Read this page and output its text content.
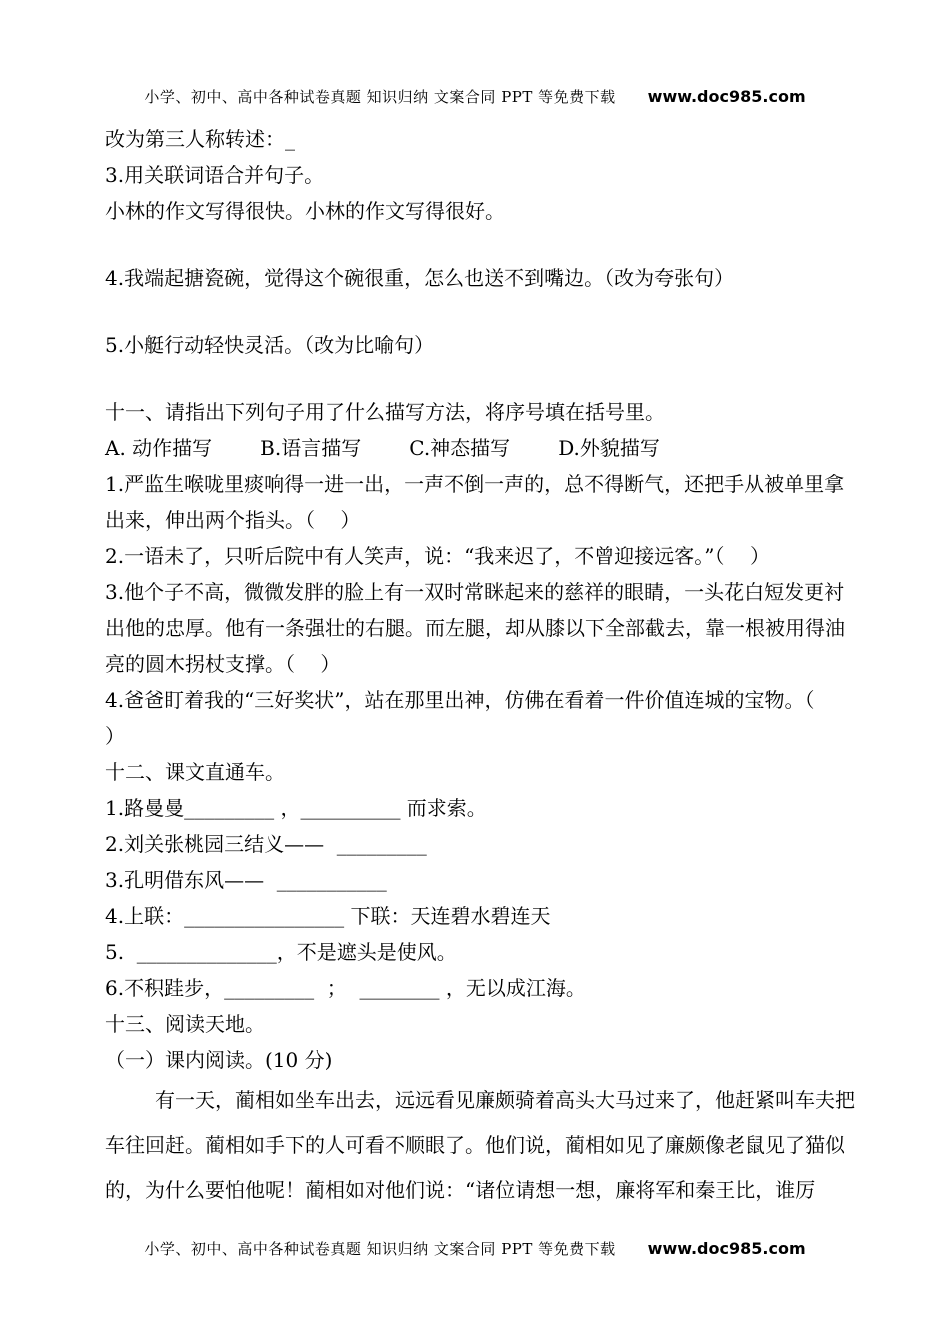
小学、初中、高中各种试卷真题 知识归纳 文案合同 PPT 等免费下载 www.doc985.com
改为第三人称转述：_
3.用关联词语合并句子。
小林的作文写得很快。小林的作文写得很好。
4.我端起搪瓷碗，觉得这个碗很重，怎么也送不到嘴边。（改为夸张句）
5.小艇行动轻快灵活。（改为比喻句）
十一、请指出下列句子用了什么描写方法，将序号填在括号里。
A. 动作描写 B.语言描写 C.神态描写 D.外貌描写
1.严监生喉咙里痰响得一进一出，一声不倒一声的，总不得断气，还把手从被单里拿
出来，伸出两个指头。（    ）
2.一语未了，只听后院中有人笑声，说：“我来迟了，不曾迎接远客。”（    ）
3.他个子不高，微微发胖的脸上有一双时常眯起来的慈祥的眼睛，一头花白短发更衬
出他的忠厚。他有一条强壮的右腿。而左腿，却从膝以下全部截去，靠一根被用得油
亮的圆木拐杖支撑。（    ）
4.爸爸盯着我的“三好奖状”，站在那里出神，仿佛在看着一件价值连城的宝物。（
）
十二、课文直通车。
1.路曼曼_________ ，__________ 而求索。
2.刘关张桃园三结义——  _________
3.孔明借东风——  ___________
4.上联：________________ 下联：天连碧水碧连天
5.  ______________，不是遮头是使风。
6.不积跬步，_________  ；  ________ ，无以成江海。
十三、阅读天地。
（一）课内阅读。(10 分)
有一天，蔺相如坐车出去，远远看见廉颇骑着高头大马过来了，他赶紧叫车夫把
车往回赶。蔺相如手下的人可看不顺眼了。他们说，蔺相如见了廉颇像老鼠见了猫似
的，为什么要怕他呢！蔺相如对他们说：“诸位请想一想，廉将军和秦王比，谁厉
小学、初中、高中各种试卷真题 知识归纳 文案合同 PPT 等免费下载 www.doc985.com
